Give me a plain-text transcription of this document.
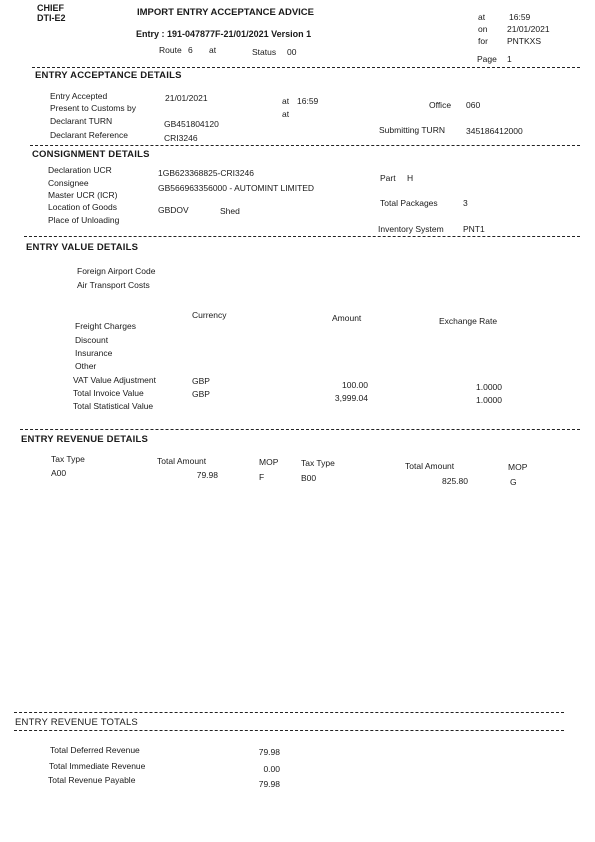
CHIEF
DTI-E2	IMPORT ENTRY ACCEPTANCE ADVICE
Entry : 191-047877F-21/01/2021 Version 1
Route 6 at	Status 00
at	16:59
on 21/01/2021
for PNTKXS
Page 1
ENTRY ACCEPTANCE DETAILS
Entry Accepted	21/01/2021	at 16:59	Office 060
Present to Customs by
at
Declarant TURN	GB451804120
Submitting TURN 345186412000
Declarant Reference	CRI3246
CONSIGNMENT DETAILS
Declaration UCR	1GB623368825-CRI3246	Part H
Consignee	GB566963356000 - AUTOMINT LIMITED
Master UCR (ICR)
Total Packages	3
Location of Goods	GBDOV	Shed
Place of Unloading
Inventory System PNT1
ENTRY VALUE DETAILS
Foreign Airport Code
Air Transport Costs
Currency	Amount	Exchange Rate
Freight Charges
Discount
Insurance
Other
VAT Value Adjustment	GBP	100.00	1.0000
Total Invoice Value	GBP	3,999.04	1.0000
Total Statistical Value
ENTRY REVENUE DETAILS
Tax Type	Total Amount	MOP	Tax Type	Total Amount	MOP
A00	79.98	F	B00	825.80	G
ENTRY REVENUE TOTALS
Total Deferred Revenue	79.98
Total Immediate Revenue	0.00
Total Revenue Payable	79.98
